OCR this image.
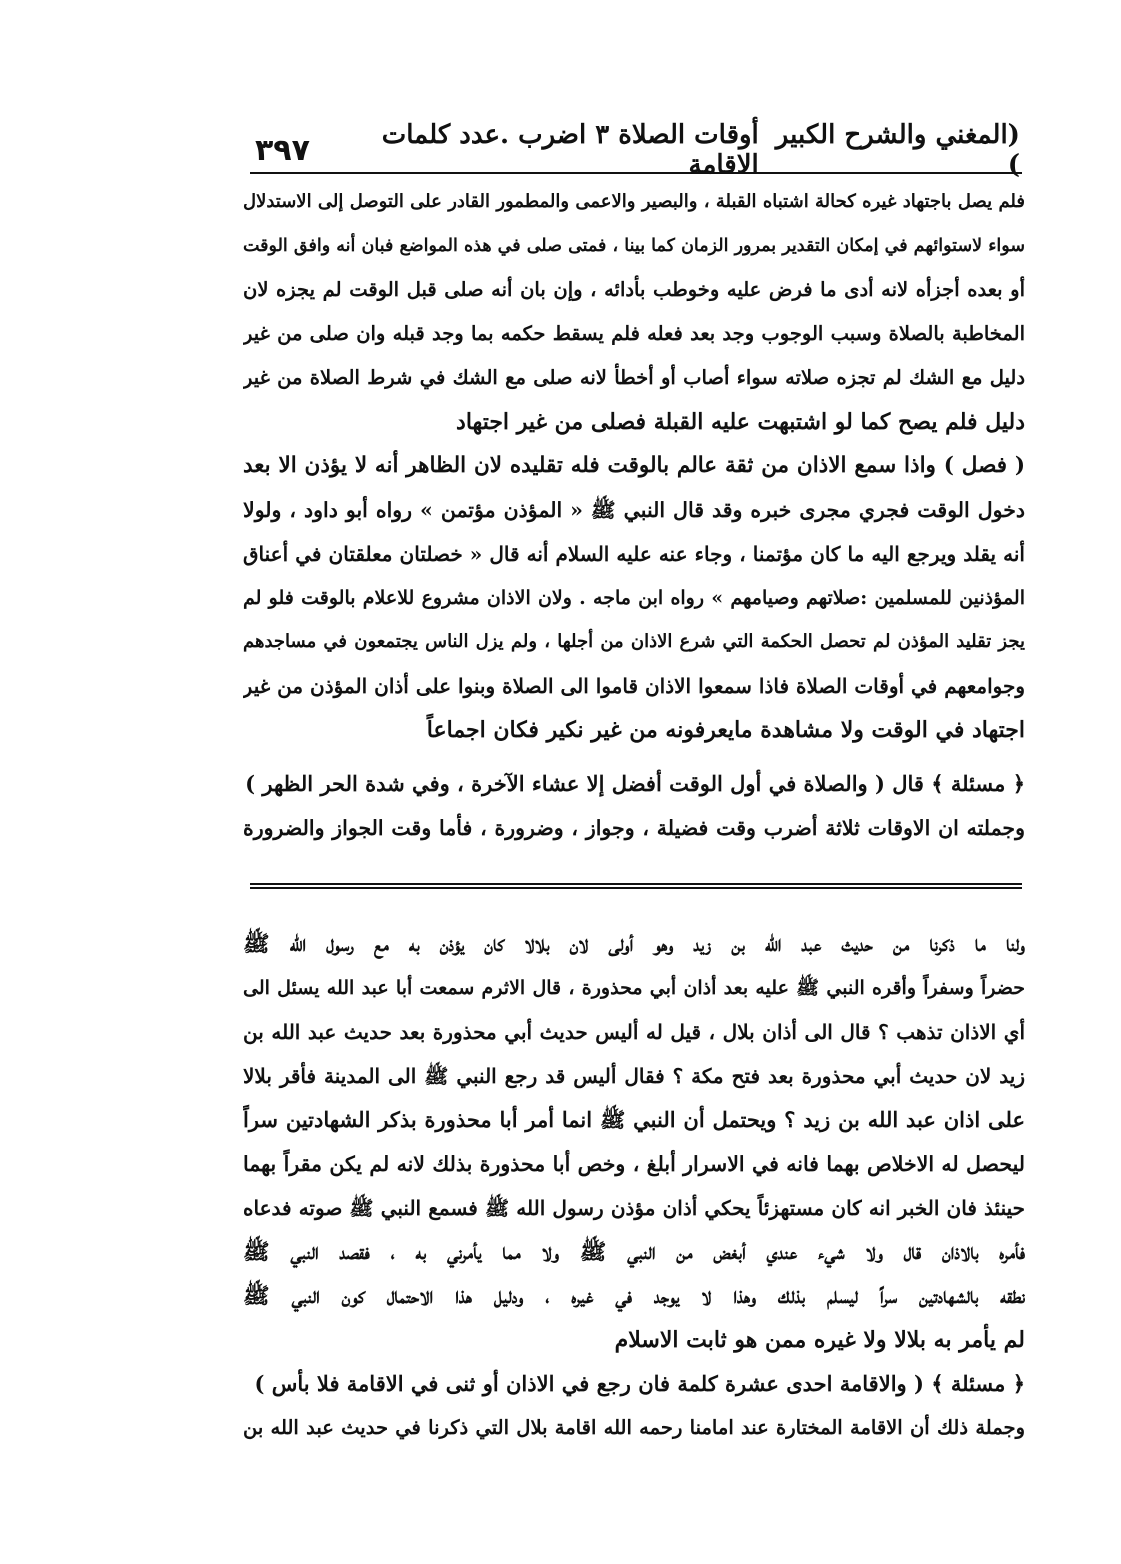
(المغني والشرح الكبير )
أوقات الصلاة ٣ اضرب .عدد كلمات الاقامة
٣٩٧
فلم يصل باجتهاد غيره كحالة اشتباه القبلة ، والبصير والاعمى والمطمور القادر على التوصل إلى الاستدلال
سواء لاستوائهم في إمكان التقدير بمرور الزمان كما بينا ، فمتى صلى في هذه المواضع فبان أنه وافق الوقت
أو بعده أجزأه لانه أدى ما فرض عليه وخوطب بأدائه ، وإن بان أنه صلى قبل الوقت لم يجزه لان
المخاطبة بالصلاة وسبب الوجوب وجد بعد فعله فلم يسقط حكمه بما وجد قبله وان صلى من غير
دليل مع الشك لم تجزه صلاته سواء أصاب أو أخطأ لانه صلى مع الشك في شرط الصلاة من غير
دليل فلم يصح كما لو اشتبهت عليه القبلة فصلى من غير اجتهاد
( فصل ) واذا سمع الاذان من ثقة عالم بالوقت فله تقليده لان الظاهر أنه لا يؤذن الا بعد
دخول الوقت فجري مجرى خبره وقد قال النبي ﷺ « المؤذن مؤتمن » رواه أبو داود ، ولولا
أنه يقلد ويرجع اليه ما كان مؤتمنا ، وجاء عنه عليه السلام أنه قال « خصلتان معلقتان في أعناق
المؤذنين للمسلمين :صلاتهم وصيامهم » رواه ابن ماجه . ولان الاذان مشروع للاعلام بالوقت فلو لم
يجز تقليد المؤذن لم تحصل الحكمة التي شرع الاذان من أجلها ، ولم يزل الناس يجتمعون في مساجدهم
وجوامعهم في أوقات الصلاة فاذا سمعوا الاذان قاموا الى الصلاة وبنوا على أذان المؤذن من غير
اجتهاد في الوقت ولا مشاهدة مايعرفونه من غير نكير فكان اجماعاً
﴿ مسئلة ﴾ قال ( والصلاة في أول الوقت أفضل إلا عشاء الآخرة ، وفي شدة الحر الظهر )
وجملته ان الاوقات ثلاثة أضرب وقت فضيلة ، وجواز ، وضرورة ، فأما وقت الجواز والضرورة
ولنا ما ذكرنا من حديث عبد الله بن زيد وهو أولى لان بلالا كان يؤذن به مع رسول الله ﷺ
حضراً وسفراً وأقره النبي ﷺ عليه بعد أذان أبي محذورة ، قال الاثرم سمعت أبا عبد الله يسئل الى
أي الاذان تذهب ؟ قال الى أذان بلال ، قيل له أليس حديث أبي محذورة بعد حديث عبد الله بن
زيد لان حديث أبي محذورة بعد فتح مكة ؟ فقال أليس قد رجع النبي ﷺ الى المدينة فأقر بلالا
على اذان عبد الله بن زيد ؟ ويحتمل أن النبي ﷺ انما أمر أبا محذورة بذكر الشهادتين سراً
ليحصل له الاخلاص بهما فانه في الاسرار أبلغ ، وخص أبا محذورة بذلك لانه لم يكن مقراً بهما
حينئذ فان الخبر انه كان مستهزئاً يحكي أذان مؤذن رسول الله ﷺ فسمع النبي ﷺ صوته فدعاه
فأمره بالاذان قال ولا شيء عندي أبغض من النبي ﷺ ولا مما يأمرني به ، فقصد النبي ﷺ
نطقه بالشهادتين سراً ليسلم بذلك وهذا لا يوجد في غيره ، ودليل هذا الاحتمال كون النبي ﷺ
لم يأمر به بلالا ولا غيره ممن هو ثابت الاسلام
﴿ مسئلة ﴾ ( والاقامة احدى عشرة كلمة فان رجع في الاذان أو ثنى في الاقامة فلا بأس )
وجملة ذلك أن الاقامة المختارة عند امامنا رحمه الله اقامة بلال التي ذكرنا في حديث عبد الله بن
